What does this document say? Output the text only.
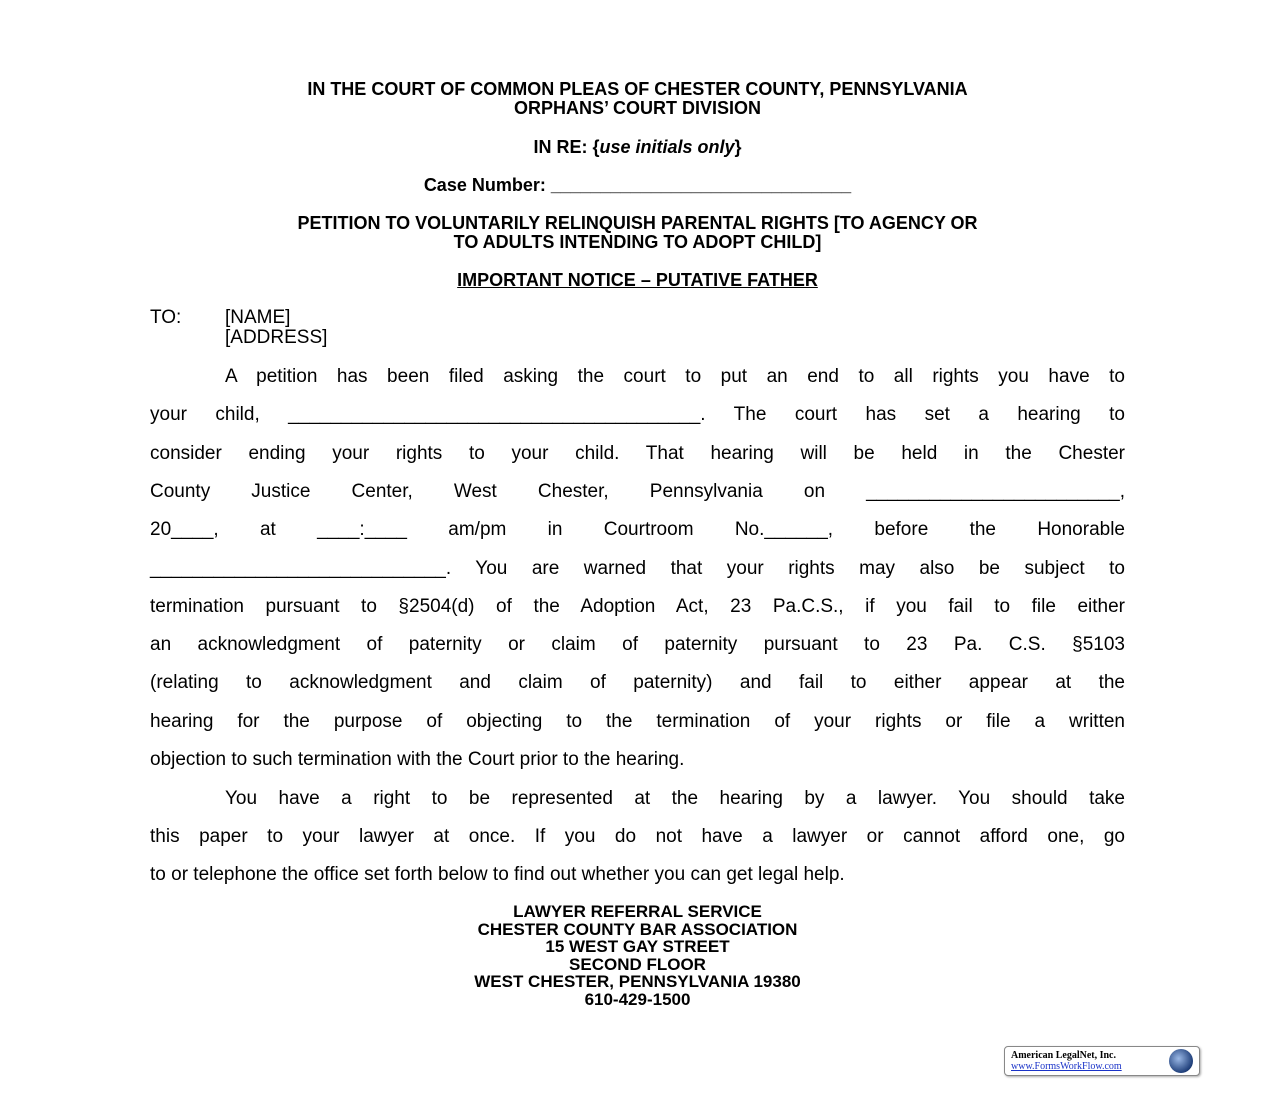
IN THE COURT OF COMMON PLEAS OF CHESTER COUNTY, PENNSYLVANIA
ORPHANS’ COURT DIVISION
IN RE: {use initials only}
Case Number: ______________________________
PETITION TO VOLUNTARILY RELINQUISH PARENTAL RIGHTS [TO AGENCY OR
TO ADULTS INTENDING TO ADOPT CHILD]
IMPORTANT NOTICE – PUTATIVE FATHER
TO: [NAME]
[ADDRESS]
A petition has been filed asking the court to put an end to all rights you have to
your child, _______________________________________. The court has set a hearing to
consider ending your rights to your child. That hearing will be held in the Chester
County Justice Center, West Chester, Pennsylvania on ________________________,
20____, at ____:____ am/pm in Courtroom No.______, before the Honorable
____________________________. You are warned that your rights may also be subject to
termination pursuant to §2504(d) of the Adoption Act, 23 Pa.C.S., if you fail to file either
an acknowledgment of paternity or claim of paternity pursuant to 23 Pa. C.S. §5103
(relating to acknowledgment and claim of paternity) and fail to either appear at the
hearing for the purpose of objecting to the termination of your rights or file a written
objection to such termination with the Court prior to the hearing.
You have a right to be represented at the hearing by a lawyer. You should take
this paper to your lawyer at once. If you do not have a lawyer or cannot afford one, go
to or telephone the office set forth below to find out whether you can get legal help.
LAWYER REFERRAL SERVICE
CHESTER COUNTY BAR ASSOCIATION
15 WEST GAY STREET
SECOND FLOOR
WEST CHESTER, PENNSYLVANIA 19380
610-429-1500
American LegalNet, Inc.
www.FormsWorkFlow.com
